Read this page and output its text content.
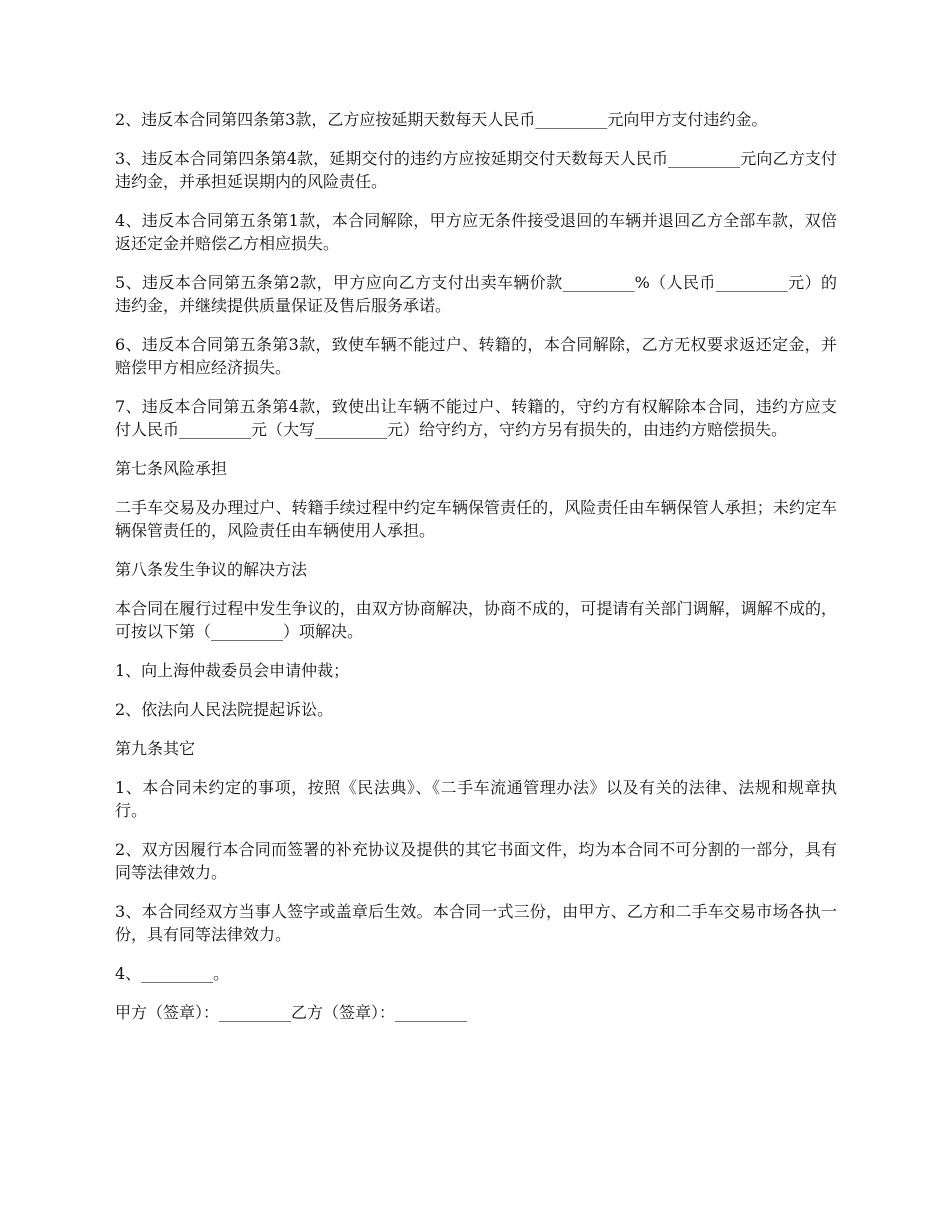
2、违反本合同第四条第3款，乙方应按延期天数每天人民币_________元向甲方支付违约金。

3、违反本合同第四条第4款，延期交付的违约方应按延期交付天数每天人民币_________元向乙方支付违约金，并承担延误期内的风险责任。

4、违反本合同第五条第1款，本合同解除，甲方应无条件接受退回的车辆并退回乙方全部车款，双倍返还定金并赔偿乙方相应损失。

5、违反本合同第五条第2款，甲方应向乙方支付出卖车辆价款_________%（人民币_________元）的违约金，并继续提供质量保证及售后服务承诺。

6、违反本合同第五条第3款，致使车辆不能过户、转籍的，本合同解除，乙方无权要求返还定金，并赔偿甲方相应经济损失。

7、违反本合同第五条第4款，致使出让车辆不能过户、转籍的，守约方有权解除本合同，违约方应支付人民币_________元（大写_________元）给守约方，守约方另有损失的，由违约方赔偿损失。

第七条风险承担

二手车交易及办理过户、转籍手续过程中约定车辆保管责任的，风险责任由车辆保管人承担；未约定车辆保管责任的，风险责任由车辆使用人承担。

第八条发生争议的解决方法

本合同在履行过程中发生争议的，由双方协商解决，协商不成的，可提请有关部门调解，调解不成的，可按以下第（_________）项解决。

1、向上海仲裁委员会申请仲裁；

2、依法向人民法院提起诉讼。

第九条其它

1、本合同未约定的事项，按照《民法典》、《二手车流通管理办法》以及有关的法律、法规和规章执行。

2、双方因履行本合同而签署的补充协议及提供的其它书面文件，均为本合同不可分割的一部分，具有同等法律效力。

3、本合同经双方当事人签字或盖章后生效。本合同一式三份，由甲方、乙方和二手车交易市场各执一份，具有同等法律效力。

4、_________。

甲方（签章）：_________乙方（签章）：_________
